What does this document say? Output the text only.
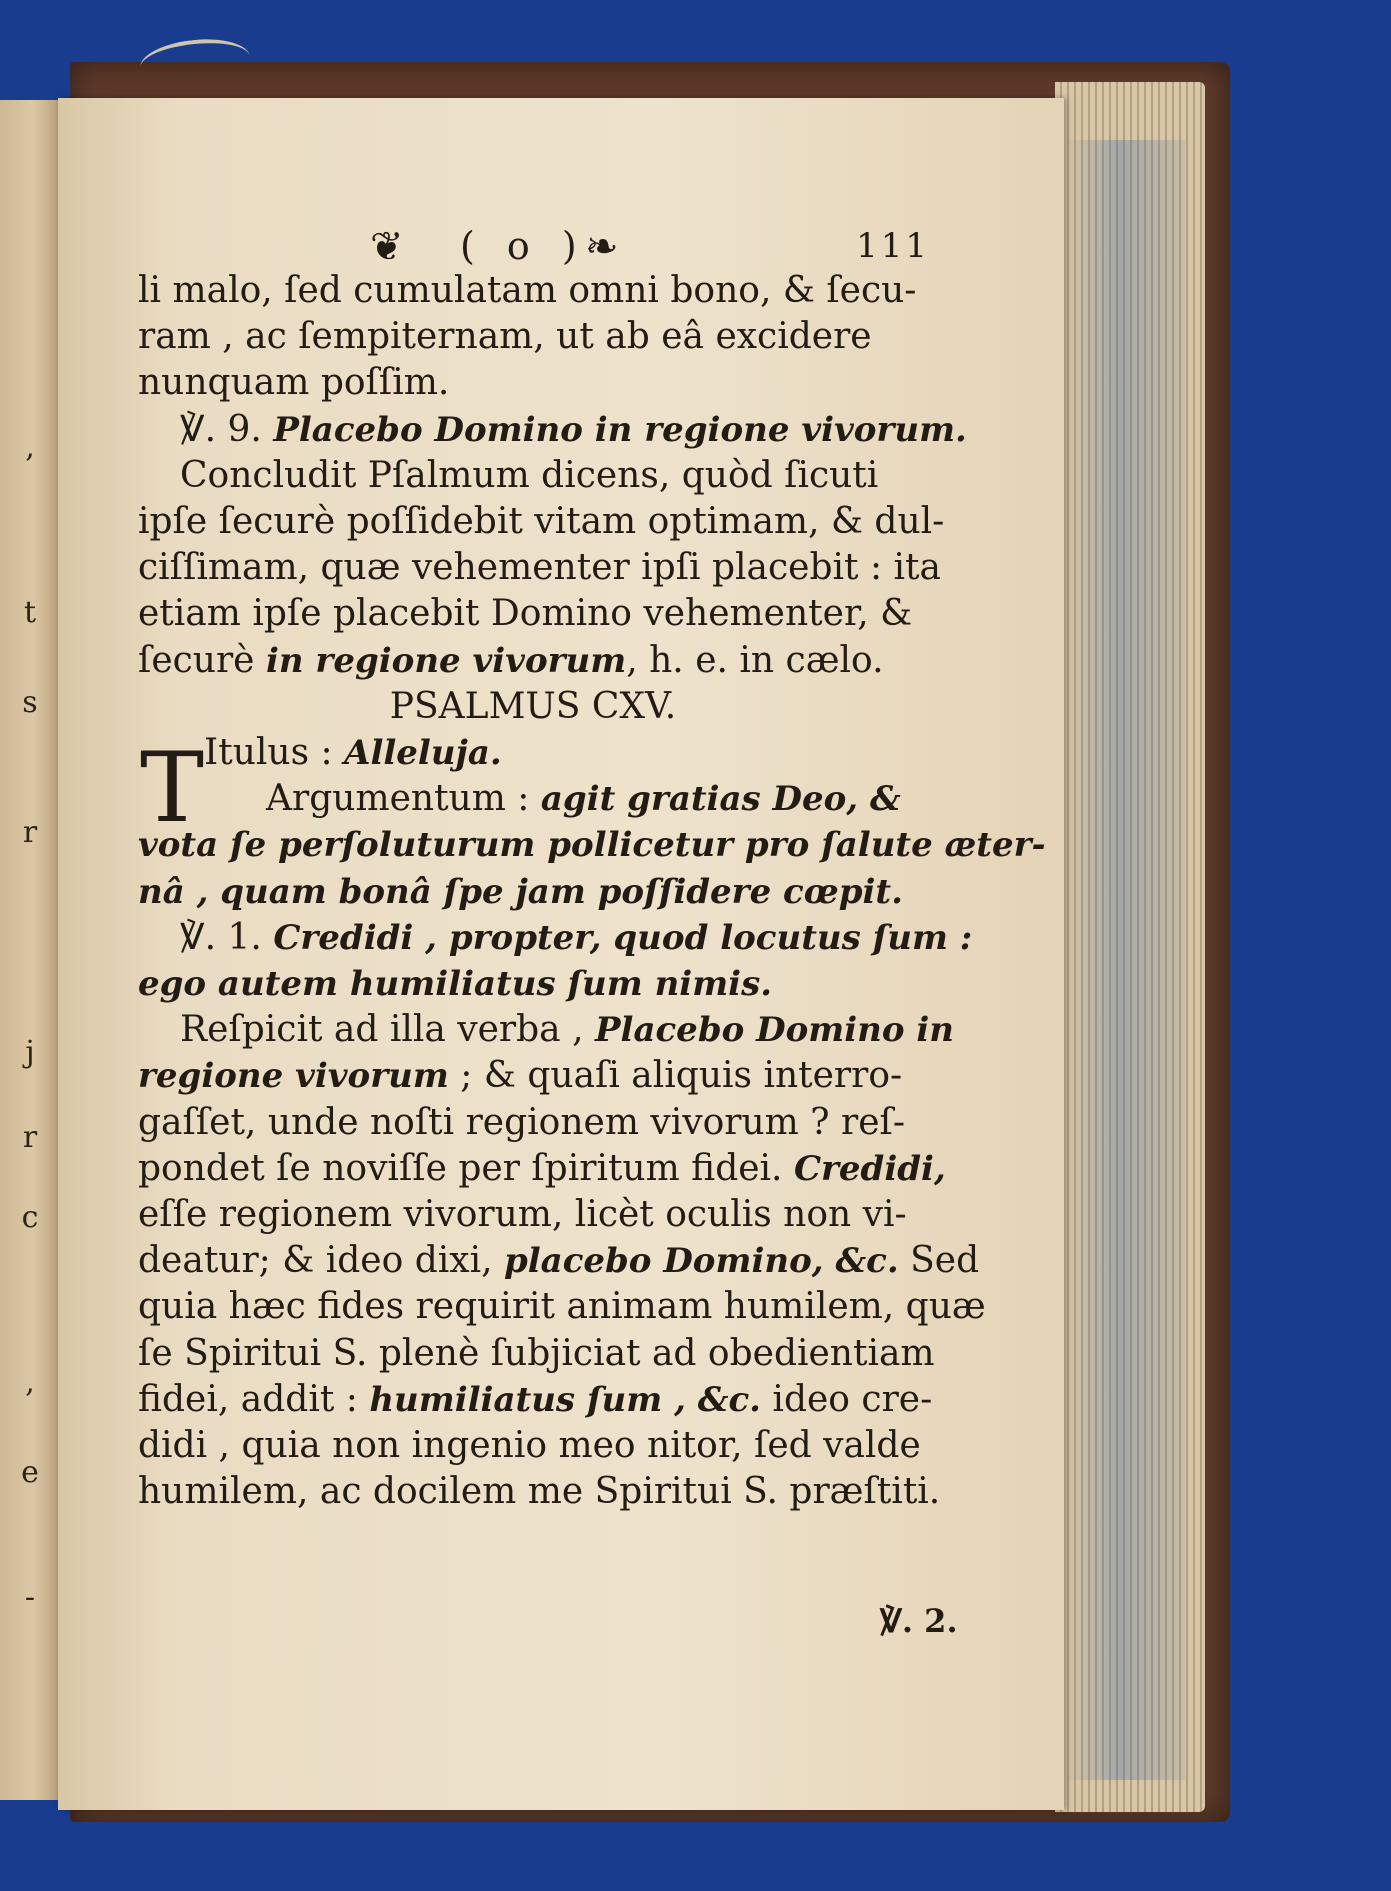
,
t
s
r
j
r
c
,
e
-
❦ ( o )
❧	111
li malo, ſed cumulatam omni bono, & ſecu-
ram , ac ſempiternam, ut ab eâ excidere
nunquam poſſim.
℣. 9. Placebo Domino in regione vivorum.
Concludit Pſalmum dicens, quòd ſicuti
ipſe ſecurè poſſidebit vitam optimam, & dul-
ciſſimam, quæ vehementer ipſi placebit : ita
etiam ipſe placebit Domino vehementer, &
ſecurè in regione vivorum, h. e. in cælo.
PSALMUS CXV.
Itulus : Alleluja.
Argumentum : agit gratias Deo, &
vota ſe perſoluturum pollicetur pro ſalute æter-
nâ , quam bonâ ſpe jam poſſidere cœpit.
℣. 1. Credidi , propter, quod locutus ſum :
ego autem humiliatus ſum nimis.
Reſpicit ad illa verba , Placebo Domino in
regione vivorum ; & quaſi aliquis interro-
gaſſet, unde noſti regionem vivorum ? reſ-
pondet ſe noviſſe per ſpiritum fidei. Credidi,
eſſe regionem vivorum, licèt oculis non vi-
deatur; & ideo dixi, placebo Domino, &c. Sed
quia hæc fides requirit animam humilem, quæ
ſe Spiritui S. plenè ſubjiciat ad obedientiam
fidei, addit : humiliatus ſum , &c. ideo cre-
didi , quia non ingenio meo nitor, ſed valde
humilem, ac docilem me Spiritui S. præſtiti.
T
℣. 2.
